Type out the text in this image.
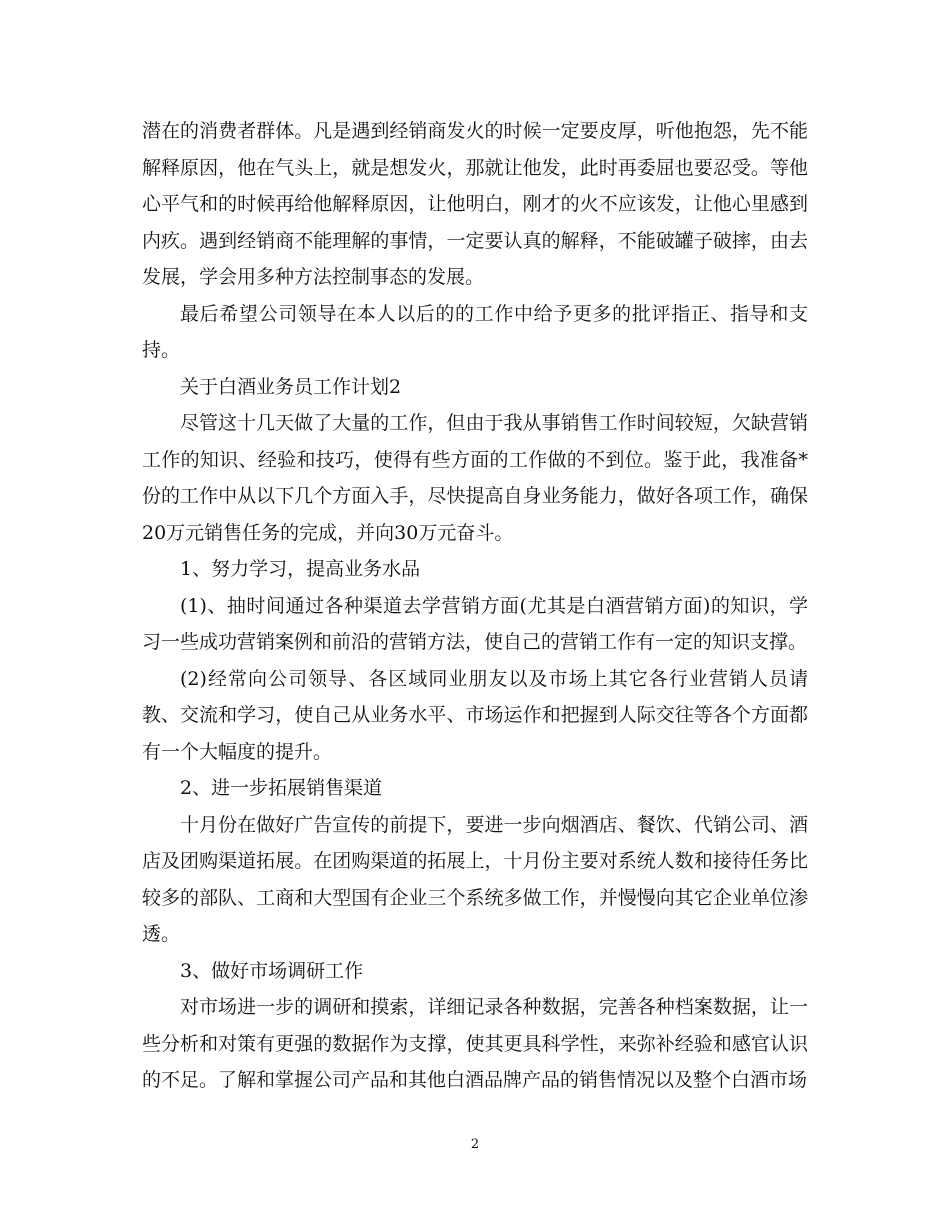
潜在的消费者群体。凡是遇到经销商发火的时候一定要皮厚，听他抱怨，先不能解释原因，他在气头上，就是想发火，那就让他发，此时再委屈也要忍受。等他心平气和的时候再给他解释原因，让他明白，刚才的火不应该发，让他心里感到内疚。遇到经销商不能理解的事情，一定要认真的解释，不能破罐子破摔，由去发展，学会用多种方法控制事态的发展。

最后希望公司领导在本人以后的的工作中给予更多的批评指正、指导和支持。

关于白酒业务员工作计划2

尽管这十几天做了大量的工作，但由于我从事销售工作时间较短，欠缺营销工作的知识、经验和技巧，使得有些方面的工作做的不到位。鉴于此，我准备*份的工作中从以下几个方面入手，尽快提高自身业务能力，做好各项工作，确保20万元销售任务的完成，并向30万元奋斗。

1、努力学习，提高业务水品

(1)、抽时间通过各种渠道去学营销方面(尤其是白酒营销方面)的知识，学习一些成功营销案例和前沿的营销方法，使自己的营销工作有一定的知识支撑。

(2)经常向公司领导、各区域同业朋友以及市场上其它各行业营销人员请教、交流和学习，使自己从业务水平、市场运作和把握到人际交往等各个方面都有一个大幅度的提升。

2、进一步拓展销售渠道

十月份在做好广告宣传的前提下，要进一步向烟酒店、餐饮、代销公司、酒店及团购渠道拓展。在团购渠道的拓展上，十月份主要对系统人数和接待任务比较多的部队、工商和大型国有企业三个系统多做工作，并慢慢向其它企业单位渗透。

3、做好市场调研工作

对市场进一步的调研和摸索，详细记录各种数据，完善各种档案数据，让一些分析和对策有更强的数据作为支撑，使其更具科学性，来弥补经验和感官认识的不足。了解和掌握公司产品和其他白酒品牌产品的销售情况以及整个白酒市场

2
